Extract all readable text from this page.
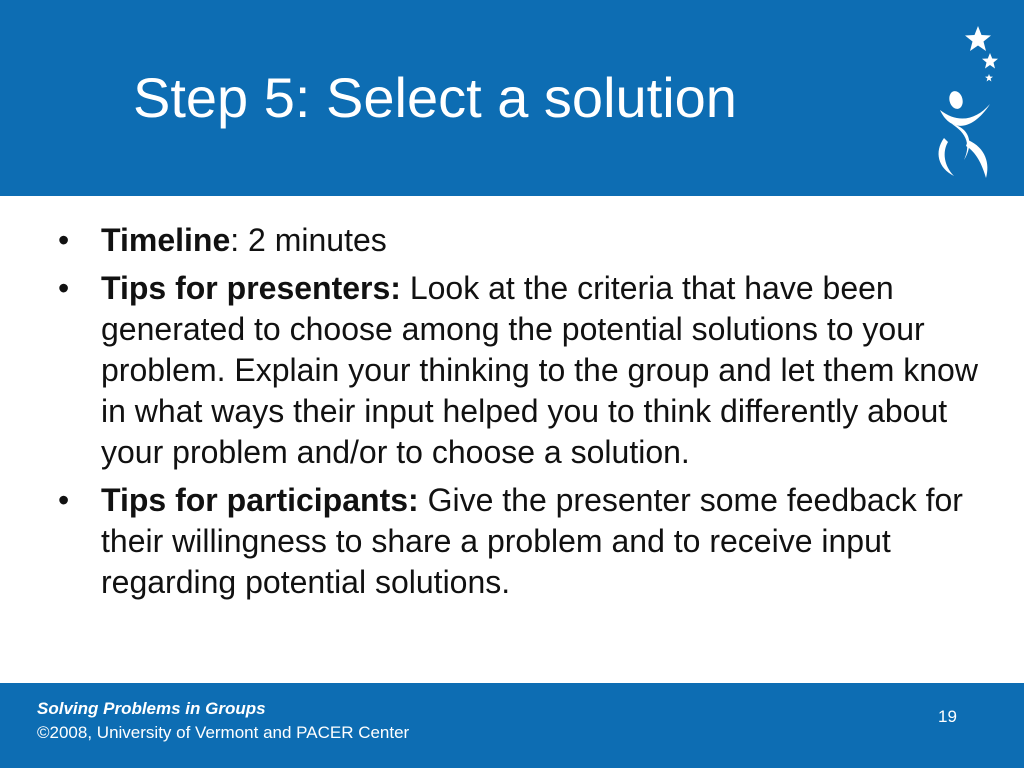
Step 5: Select a solution
• Timeline: 2 minutes
• Tips for presenters: Look at the criteria that have been generated to choose among the potential solutions to your problem. Explain your thinking to the group and let them know in what ways their input helped you to think differently about your problem and/or to choose a solution.
• Tips for participants: Give the presenter some feedback for their willingness to share a problem and to receive input regarding potential solutions.
Solving Problems in Groups
©2008, University of Vermont and PACER Center
19
